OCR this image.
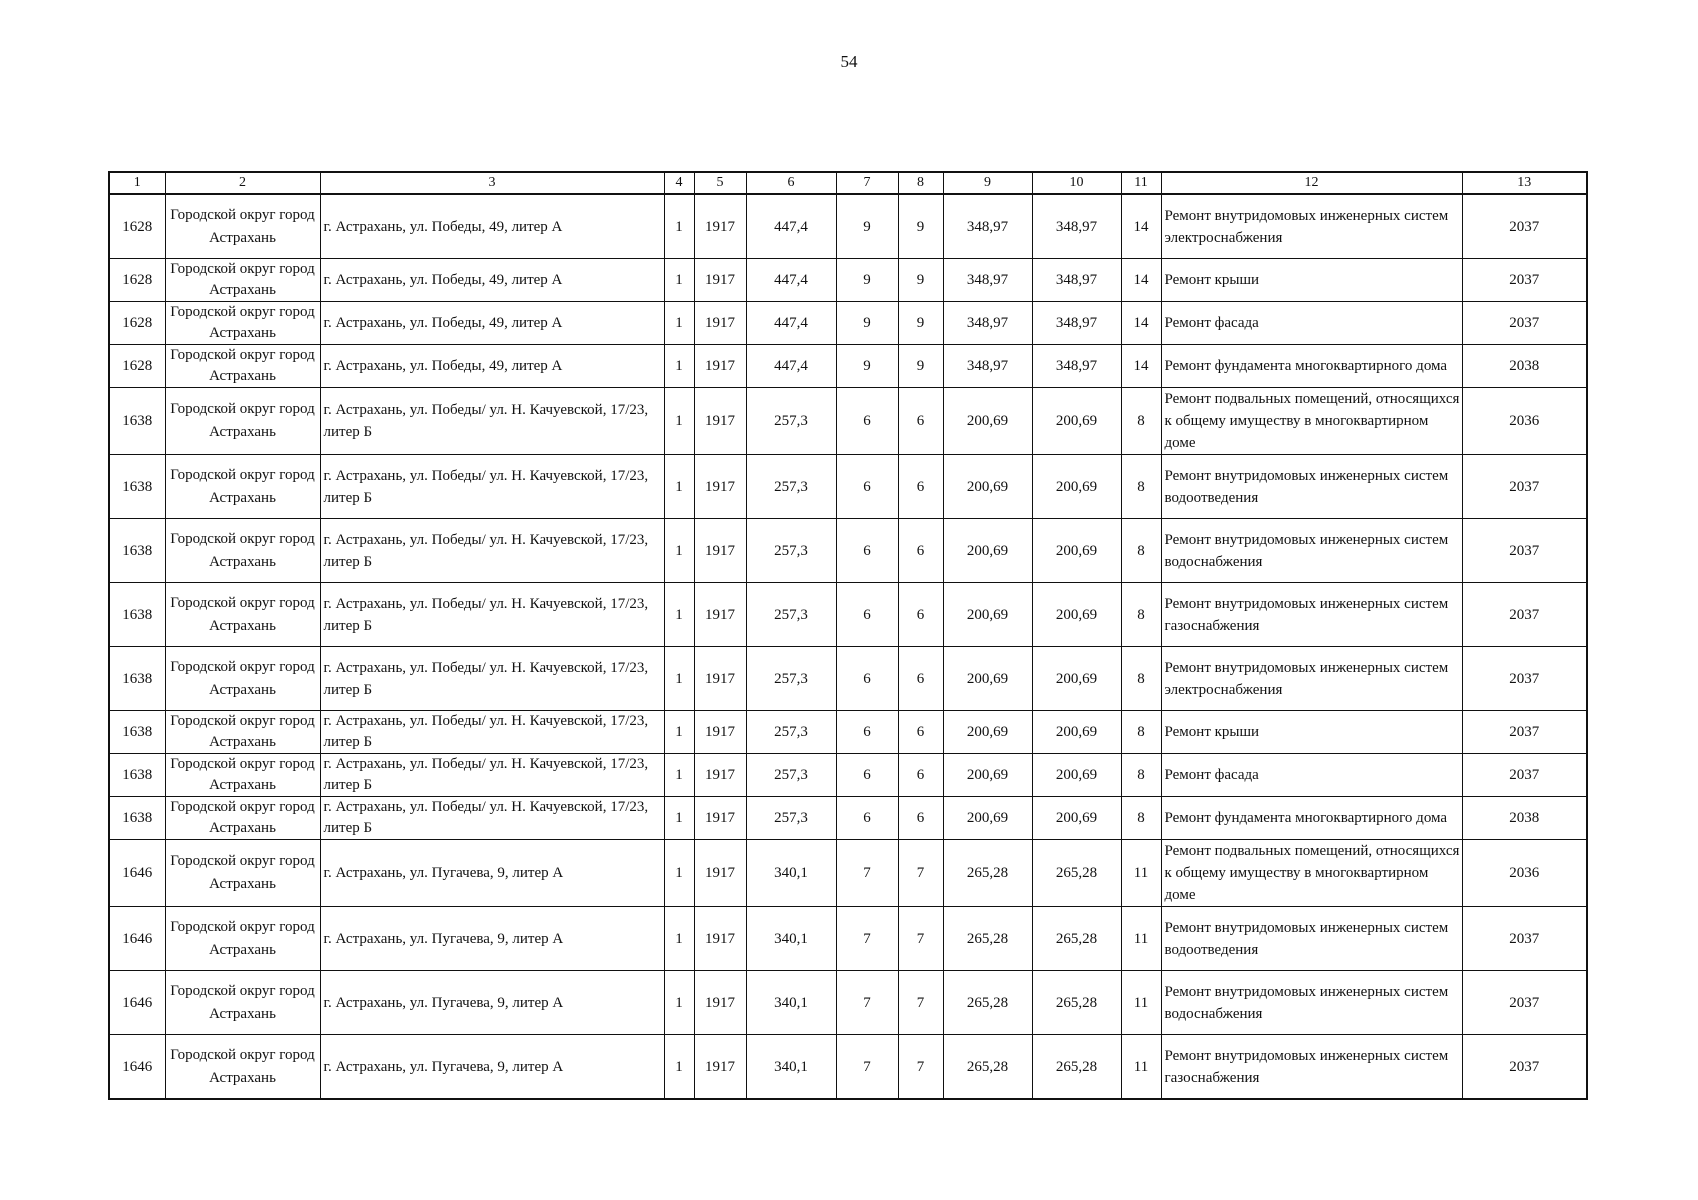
54
1	2	3	4	5	6	7	8	9	10	11	12	13
1628	Городской округ город Астрахань	г. Астрахань, ул. Победы, 49, литер А	1	1917	447,4	9	9	348,97	348,97	14	Ремонт внутридомовых инженерных систем электроснабжения	2037
1628	Городской округ город Астрахань	г. Астрахань, ул. Победы, 49, литер А	1	1917	447,4	9	9	348,97	348,97	14	Ремонт крыши	2037
1628	Городской округ город Астрахань	г. Астрахань, ул. Победы, 49, литер А	1	1917	447,4	9	9	348,97	348,97	14	Ремонт фасада	2037
1628	Городской округ город Астрахань	г. Астрахань, ул. Победы, 49, литер А	1	1917	447,4	9	9	348,97	348,97	14	Ремонт фундамента многоквартирного дома	2038
1638	Городской округ город Астрахань	г. Астрахань, ул. Победы/ ул. Н. Качуевской, 17/23, литер Б	1	1917	257,3	6	6	200,69	200,69	8	Ремонт подвальных помещений, относящихся к общему имуществу в многоквартирном доме	2036
1638	Городской округ город Астрахань	г. Астрахань, ул. Победы/ ул. Н. Качуевской, 17/23, литер Б	1	1917	257,3	6	6	200,69	200,69	8	Ремонт внутридомовых инженерных систем водоотведения	2037
1638	Городской округ город Астрахань	г. Астрахань, ул. Победы/ ул. Н. Качуевской, 17/23, литер Б	1	1917	257,3	6	6	200,69	200,69	8	Ремонт внутридомовых инженерных систем водоснабжения	2037
1638	Городской округ город Астрахань	г. Астрахань, ул. Победы/ ул. Н. Качуевской, 17/23, литер Б	1	1917	257,3	6	6	200,69	200,69	8	Ремонт внутридомовых инженерных систем газоснабжения	2037
1638	Городской округ город Астрахань	г. Астрахань, ул. Победы/ ул. Н. Качуевской, 17/23, литер Б	1	1917	257,3	6	6	200,69	200,69	8	Ремонт внутридомовых инженерных систем электроснабжения	2037
1638	Городской округ город Астрахань	г. Астрахань, ул. Победы/ ул. Н. Качуевской, 17/23, литер Б	1	1917	257,3	6	6	200,69	200,69	8	Ремонт крыши	2037
1638	Городской округ город Астрахань	г. Астрахань, ул. Победы/ ул. Н. Качуевской, 17/23, литер Б	1	1917	257,3	6	6	200,69	200,69	8	Ремонт фасада	2037
1638	Городской округ город Астрахань	г. Астрахань, ул. Победы/ ул. Н. Качуевской, 17/23, литер Б	1	1917	257,3	6	6	200,69	200,69	8	Ремонт фундамента многоквартирного дома	2038
1646	Городской округ город Астрахань	г. Астрахань, ул. Пугачева, 9, литер А	1	1917	340,1	7	7	265,28	265,28	11	Ремонт подвальных помещений, относящихся к общему имуществу в многоквартирном доме	2036
1646	Городской округ город Астрахань	г. Астрахань, ул. Пугачева, 9, литер А	1	1917	340,1	7	7	265,28	265,28	11	Ремонт внутридомовых инженерных систем водоотведения	2037
1646	Городской округ город Астрахань	г. Астрахань, ул. Пугачева, 9, литер А	1	1917	340,1	7	7	265,28	265,28	11	Ремонт внутридомовых инженерных систем водоснабжения	2037
1646	Городской округ город Астрахань	г. Астрахань, ул. Пугачева, 9, литер А	1	1917	340,1	7	7	265,28	265,28	11	Ремонт внутридомовых инженерных систем газоснабжения	2037
